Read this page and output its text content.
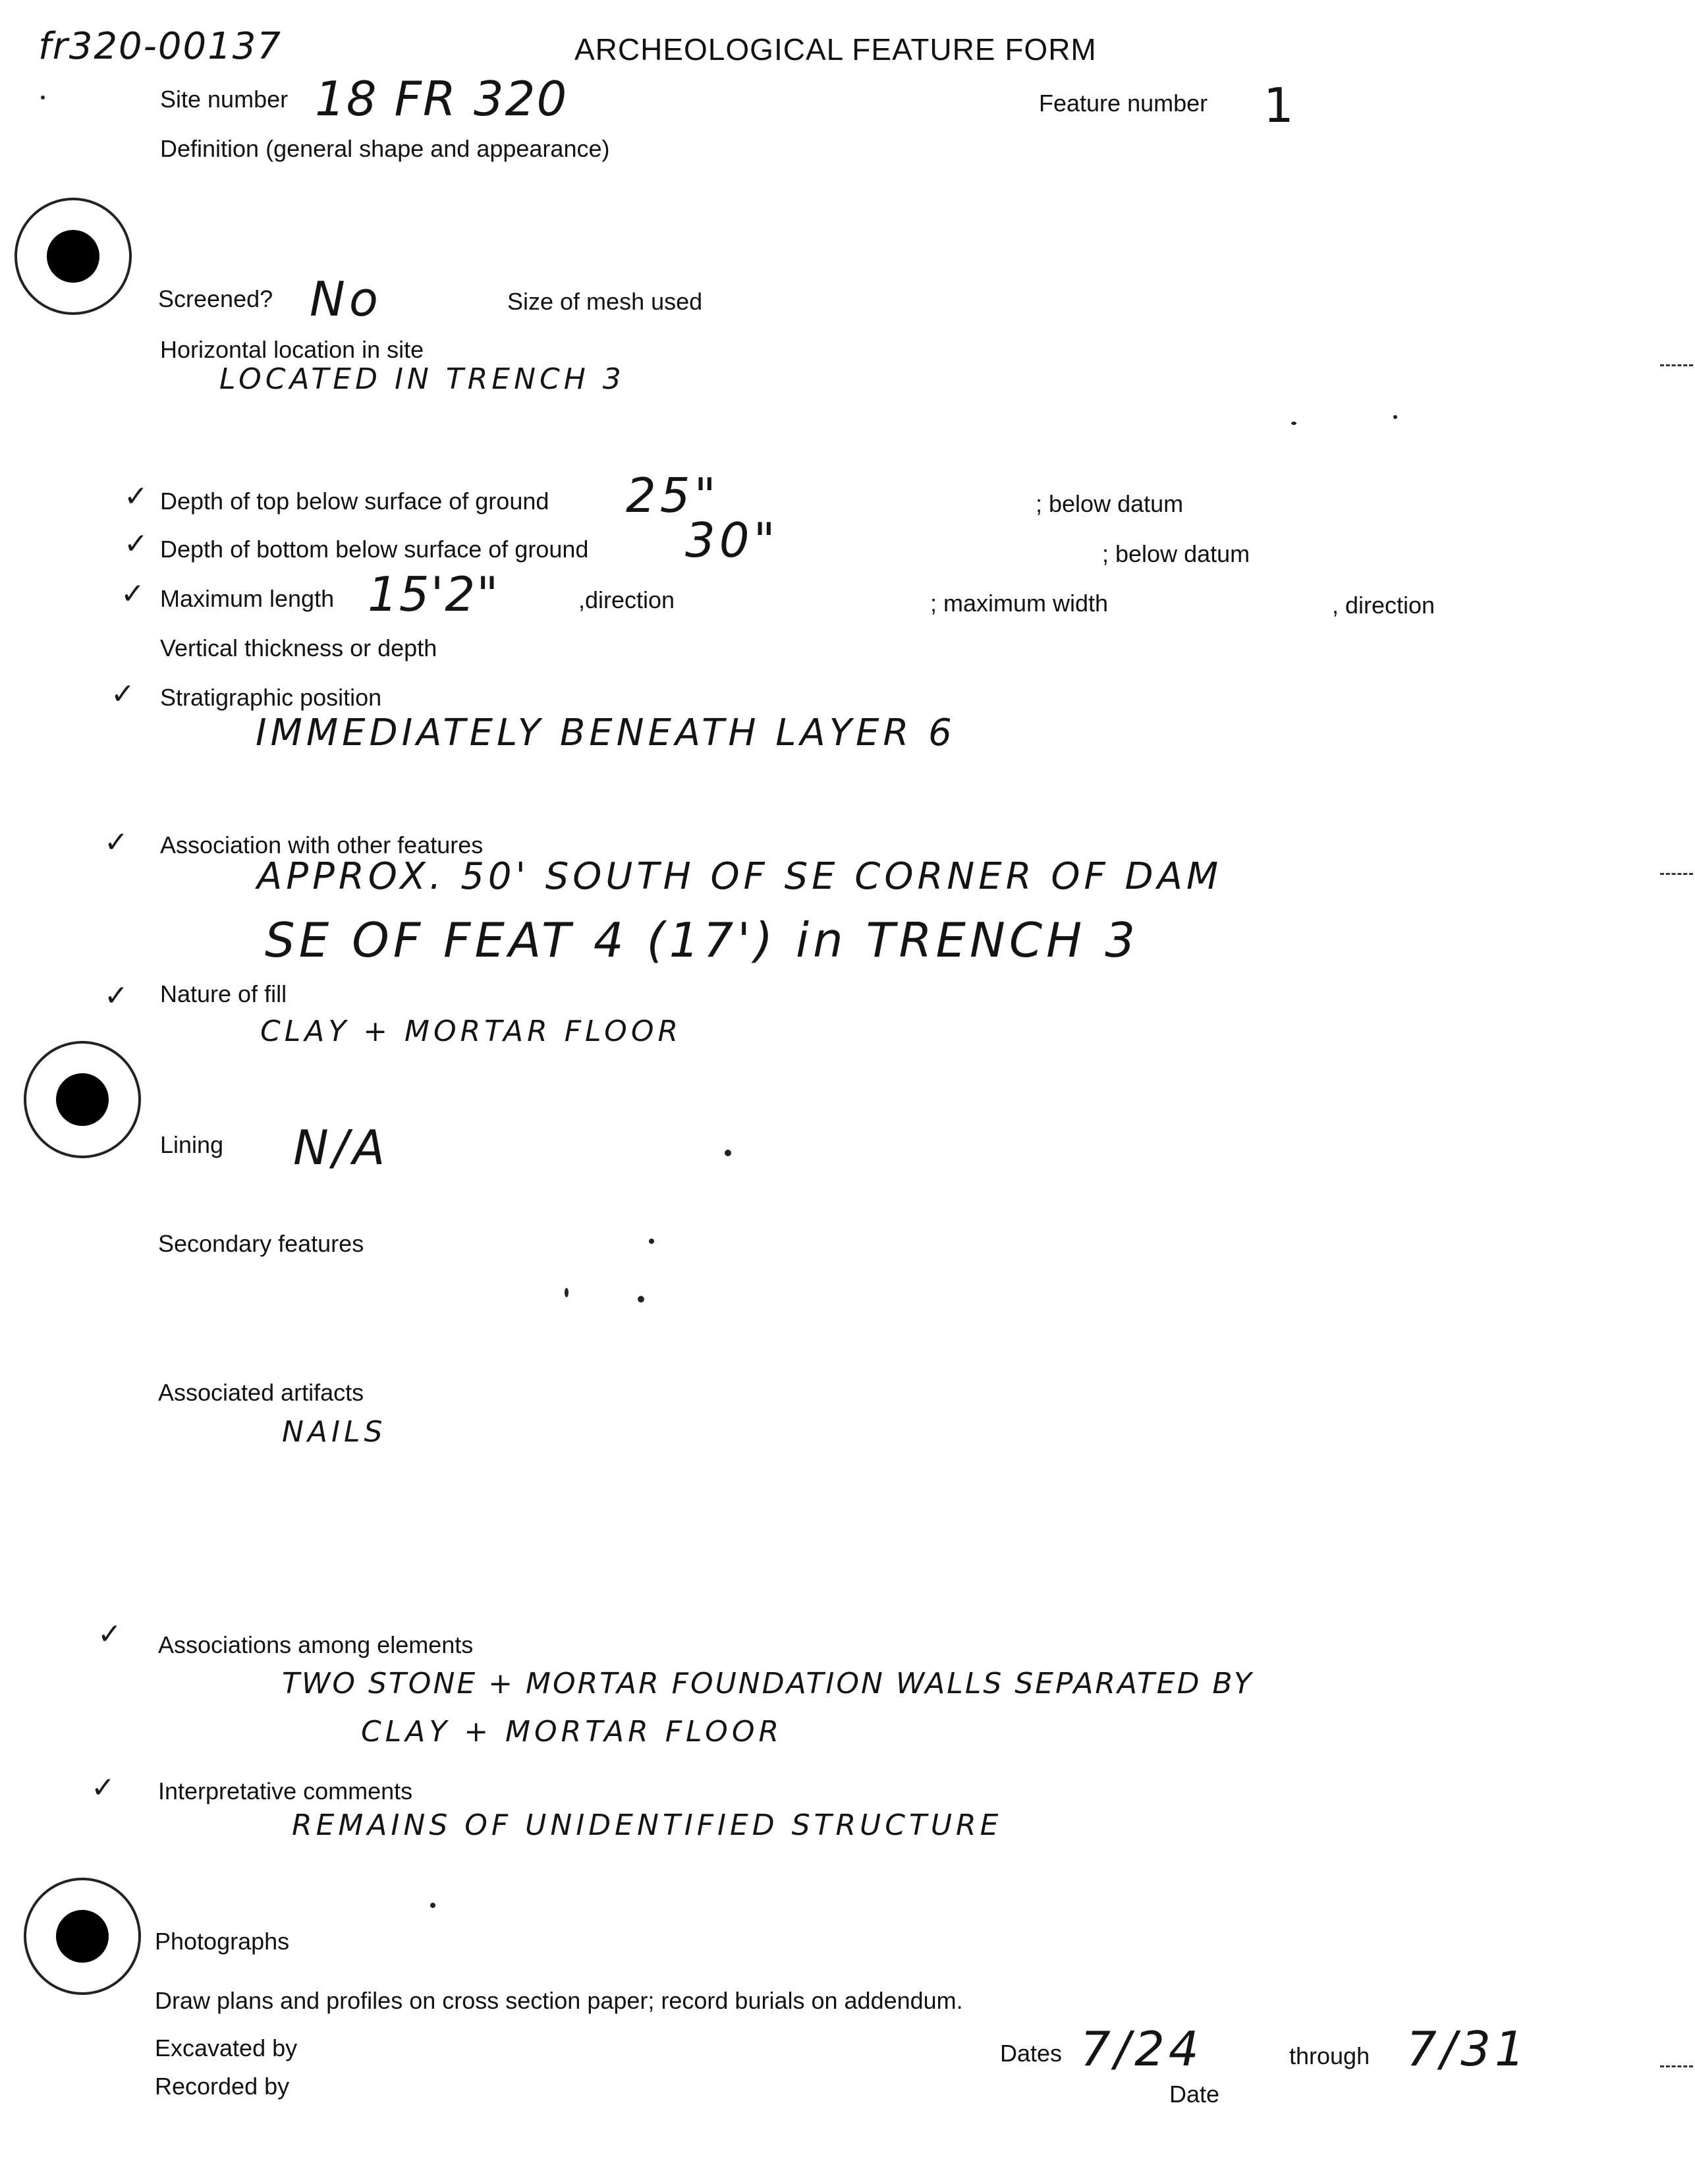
fr320-00137	ARCHEOLOGICAL FEATURE FORM
Site number 18 FR 320	Feature number 1
Definition (general shape and appearance)
Screened? No	Size of mesh used
Horizontal location in site
LOCATED IN TRENCH 3
✓ Depth of top below surface of ground 25"	; below datum
✓ Depth of bottom below surface of ground 30"	; below datum
✓ Maximum length 15'2"	,direction	; maximum width	, direction
Vertical thickness or depth
✓ Stratigraphic position
IMMEDIATELY BENEATH LAYER 6
✓ Association with other features
APPROX. 50' SOUTH OF SE CORNER OF DAM
SE OF FEAT 4 (17') in TRENCH 3
✓ Nature of fill
CLAY + MORTAR FLOOR
Lining N/A
Secondary features
Associated artifacts
NAILS
✓ Associations among elements
TWO STONE + MORTAR FOUNDATION WALLS SEPARATED BY
CLAY + MORTAR FLOOR
✓ Interpretative comments
REMAINS OF UNIDENTIFIED STRUCTURE
Photographs
Draw plans and profiles on cross section paper; record burials on addendum.
Excavated by
Recorded by
Dates 7/24	through 7/31
Date
